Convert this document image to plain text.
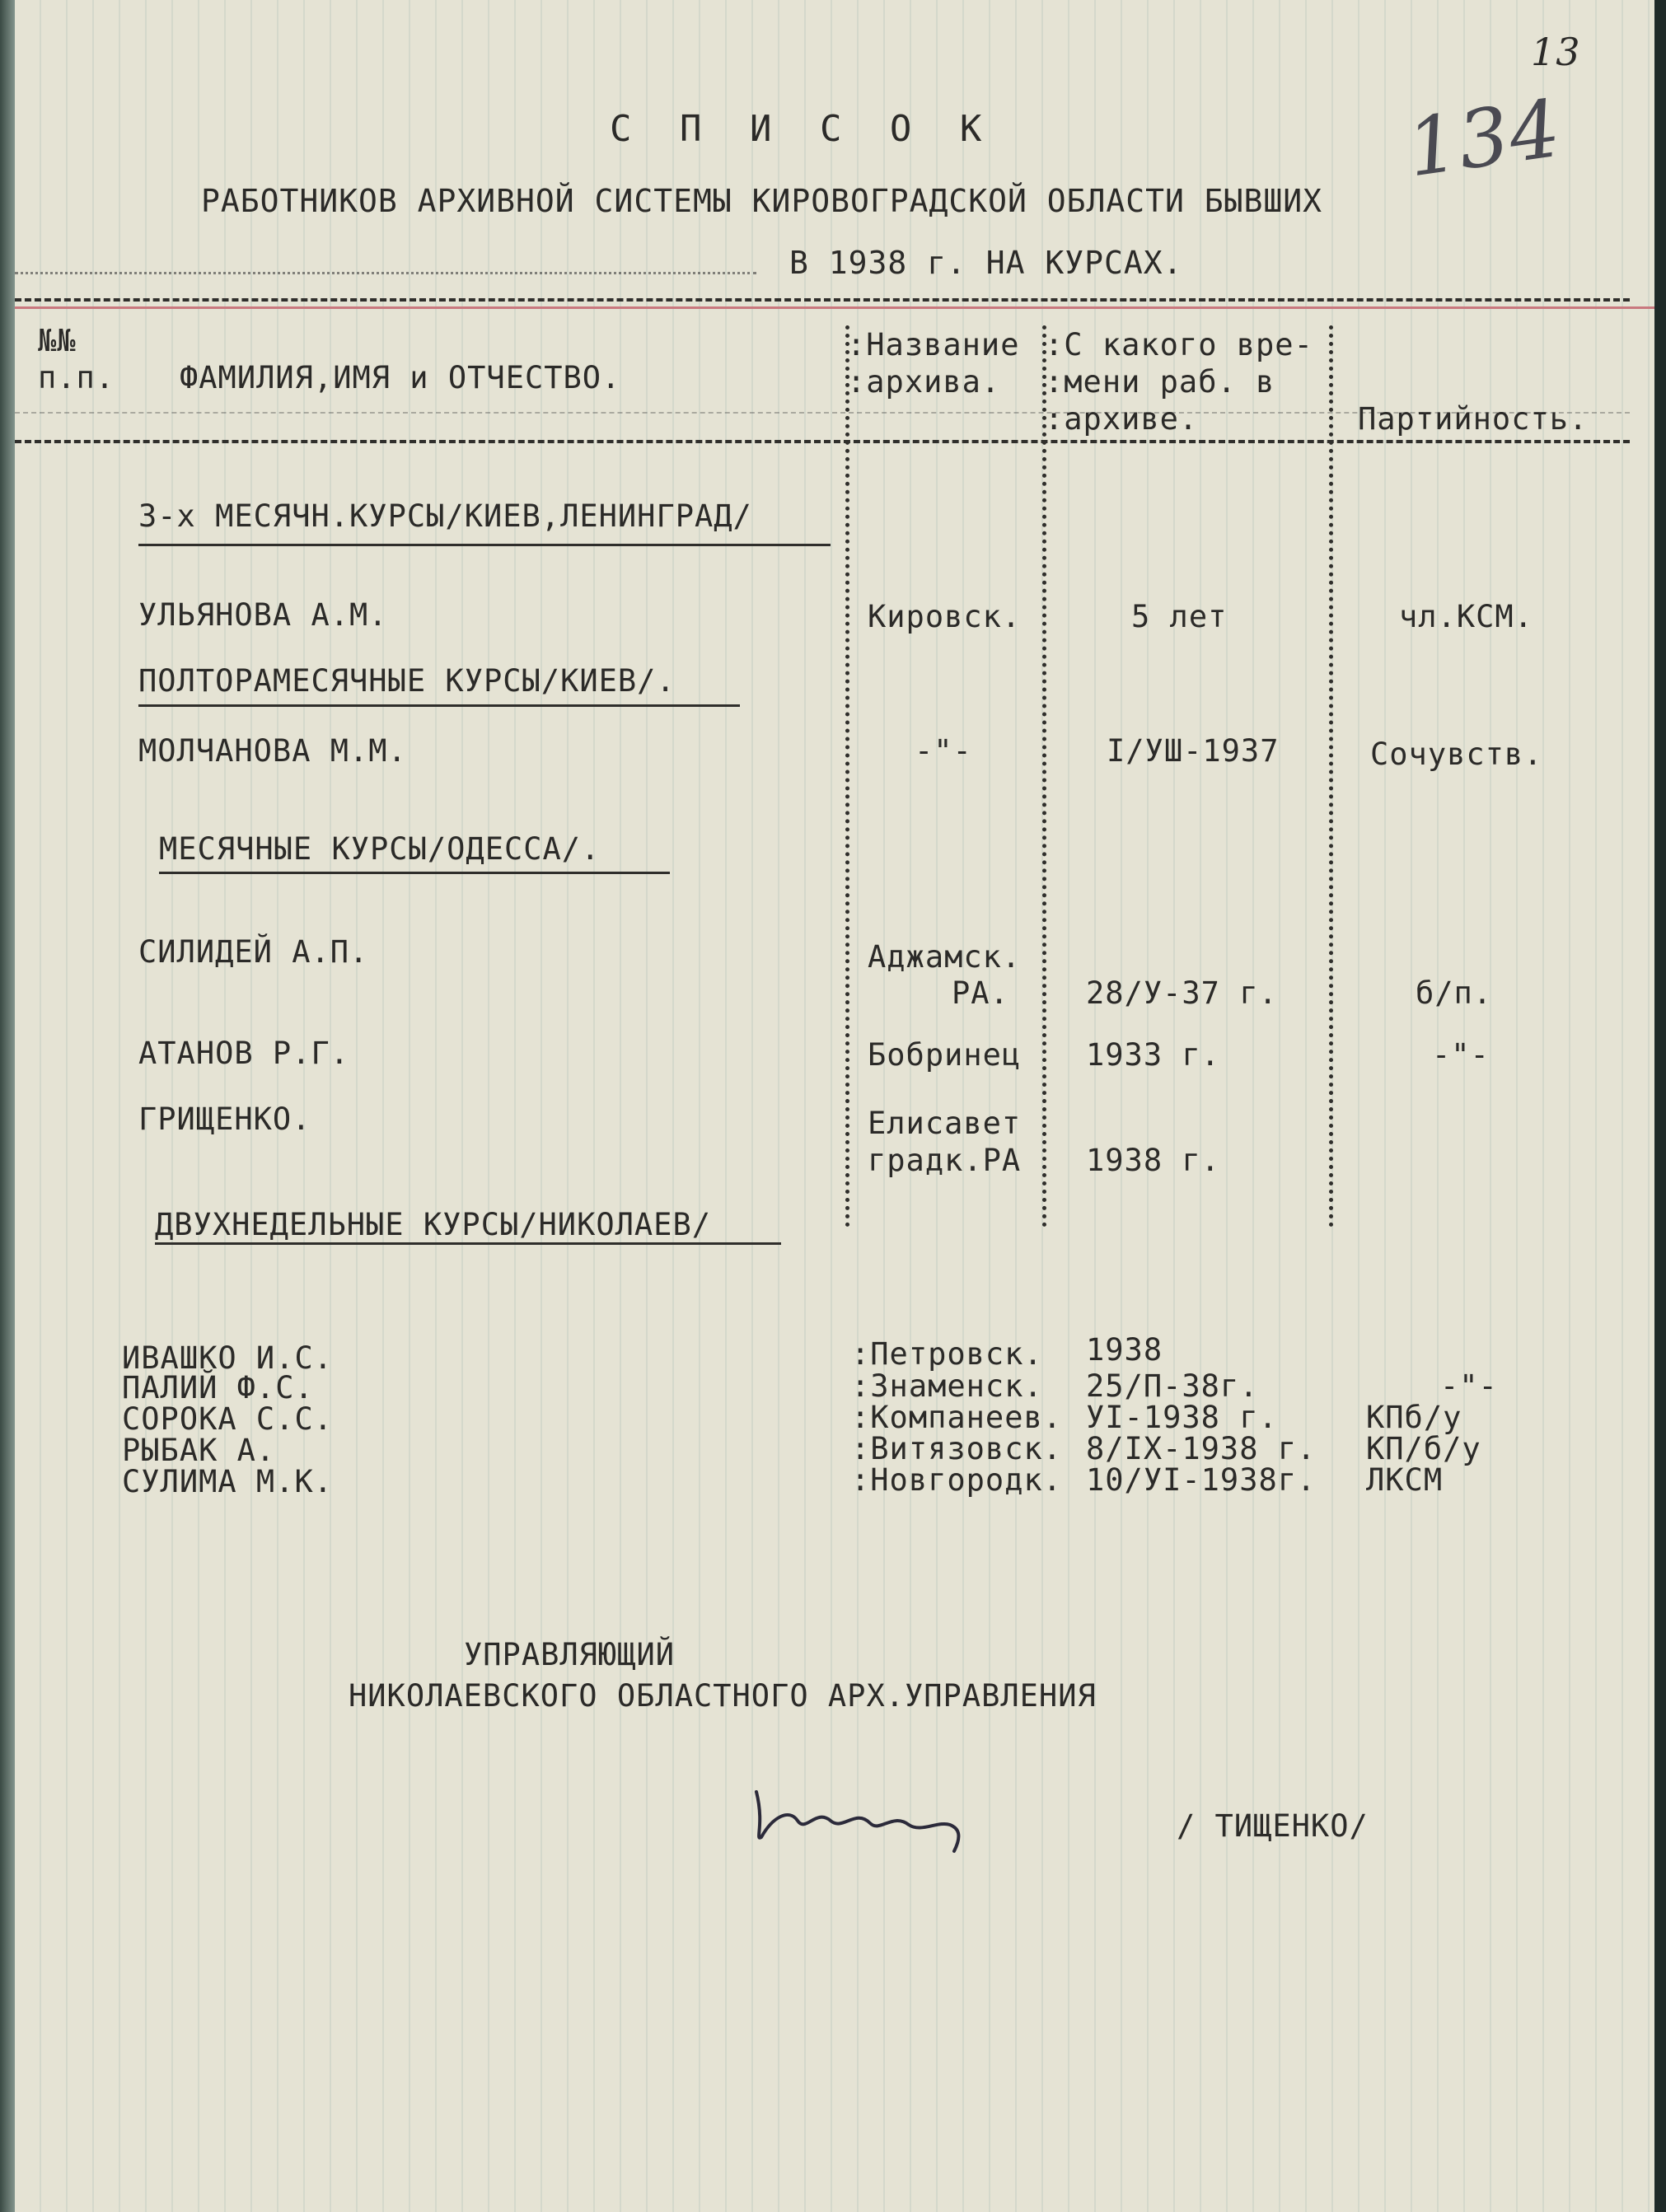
13
134
С П И С О К
РАБОТНИКОВ АРХИВНОЙ СИСТЕМЫ КИРОВОГРАДСКОЙ ОБЛАСТИ БЫВШИХ
В 1938 г. НА КУРСАХ.
№№
п.п. ФАМИЛИЯ,ИМЯ и ОТЧЕСТВО.
:Название
:архива.
:С какого вре-
:мени раб. в
:архиве.	Партийность.
3-х МЕСЯЧН.КУРСЫ/КИЕВ,ЛЕНИНГРАД/
УЛЬЯНОВА А.М.	Кировск.	5 лет	чл.КСМ.
ПОЛТОРАМЕСЯЧНЫЕ КУРСЫ/КИЕВ/.
МОЛЧАНОВА М.М.	-"-	I/УШ-1937	Сочувств.
МЕСЯЧНЫЕ КУРСЫ/ОДЕССА/.
СИЛИДЕЙ А.П.	Аджамск.
РА.	28/У-37 г.	б/п.
АТАНОВ Р.Г.	Бобринец 1933 г.	-"-
ГРИЩЕНКО.	Елисавет
градк.РА 1938 г.
ДВУХНЕДЕЛЬНЫЕ КУРСЫ/НИКОЛАЕВ/
ИВАШКО И.С.	:Петровск. 1938
ПАЛИЙ Ф.С.	:Знаменск. 25/П-38г.	-"-
СОРОКА С.С.	:Компанеев. УI-1938 г.	КПб/у
РЫБАК А.	:Витязовск. 8/IX-1938 г. КП/б/у
СУЛИМА М.К.	:Новгородк. 10/УI-1938г. ЛКСМ
УПРАВЛЯЮЩИЙ
НИКОЛАЕВСКОГО ОБЛАСТНОГО АРХ.УПРАВЛЕНИЯ
/ ТИЩЕНКО/
